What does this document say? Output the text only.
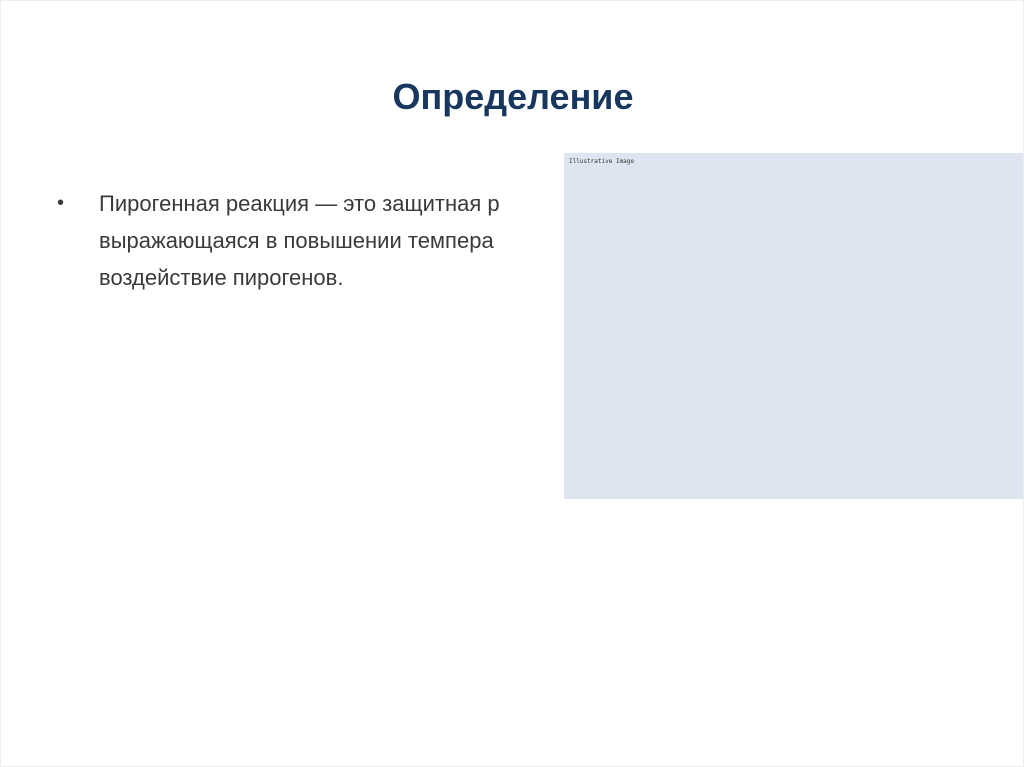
Определение
• Пирогенная реакция — это защитная р
выражающаяся в повышении темпера
воздействие пирогенов.
Illustrative Image
